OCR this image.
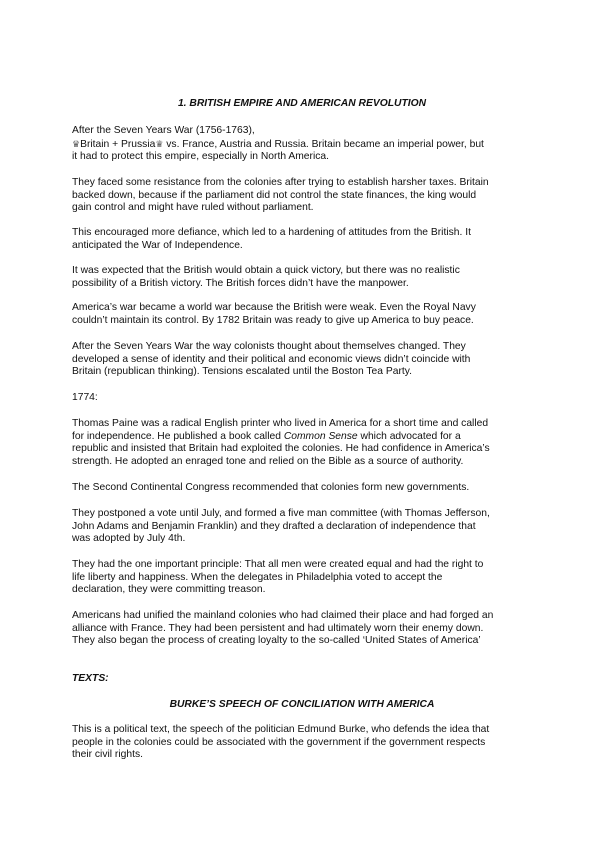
1. BRITISH EMPIRE AND AMERICAN REVOLUTION
After the Seven Years War (1756-1763),
♛Britain + Prussia♛ vs. France, Austria and Russia. Britain became an imperial power, but
it had to protect this empire, especially in North America.
They faced some resistance from the colonies after trying to establish harsher taxes. Britain
backed down, because if the parliament did not control the state finances, the king would
gain control and might have ruled without parliament.
This encouraged more defiance, which led to a hardening of attitudes from the British. It
anticipated the War of Independence.
It was expected that the British would obtain a quick victory, but there was no realistic
possibility of a British victory. The British forces didn’t have the manpower.
America’s war became a world war because the British were weak. Even the Royal Navy
couldn’t maintain its control. By 1782 Britain was ready to give up America to buy peace.
After the Seven Years War the way colonists thought about themselves changed. They
developed a sense of identity and their political and economic views didn’t coincide with
Britain (republican thinking). Tensions escalated until the Boston Tea Party.
1774:
Thomas Paine was a radical English printer who lived in America for a short time and called
for independence. He published a book called Common Sense which advocated for a
republic and insisted that Britain had exploited the colonies. He had confidence in America’s
strength. He adopted an enraged tone and relied on the Bible as a source of authority.
The Second Continental Congress recommended that colonies form new governments.
They postponed a vote until July, and formed a five man committee (with Thomas Jefferson,
John Adams and Benjamin Franklin) and they drafted a declaration of independence that
was adopted by July 4th.
They had the one important principle: That all men were created equal and had the right to
life liberty and happiness. When the delegates in Philadelphia voted to accept the
declaration, they were committing treason.
Americans had unified the mainland colonies who had claimed their place and had forged an
alliance with France. They had been persistent and had ultimately worn their enemy down.
They also began the process of creating loyalty to the so-called ‘United States of America’
TEXTS:
BURKE’S SPEECH OF CONCILIATION WITH AMERICA
This is a political text, the speech of the politician Edmund Burke, who defends the idea that
people in the colonies could be associated with the government if the government respects
their civil rights.
